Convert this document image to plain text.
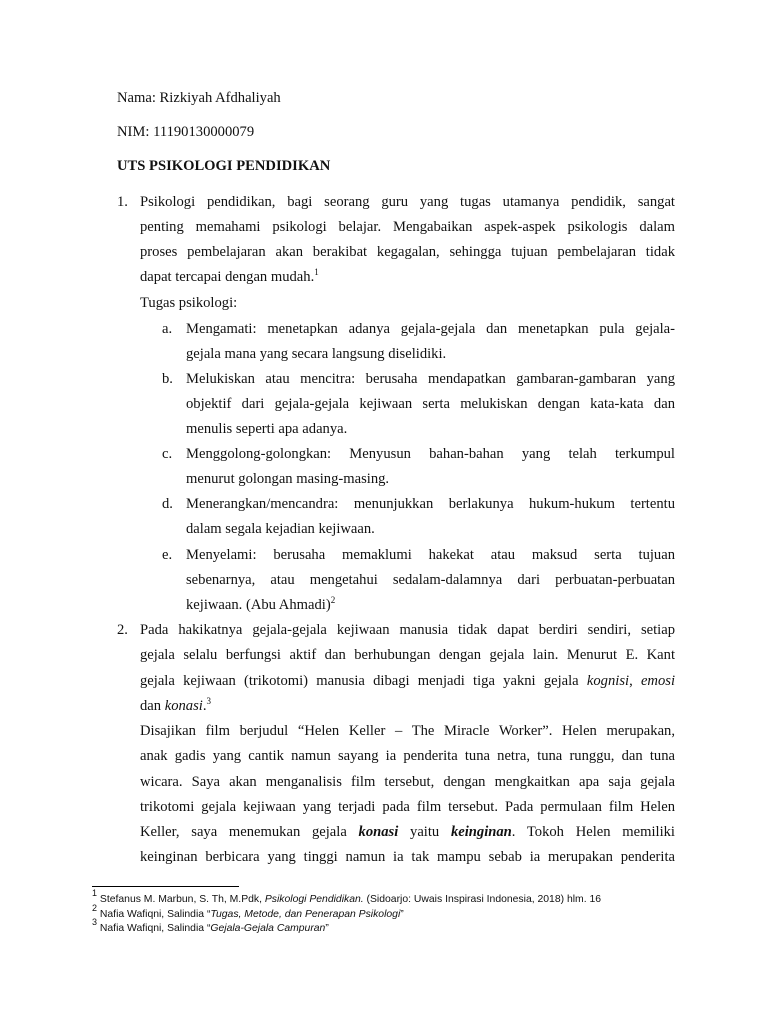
Nama: Rizkiyah Afdhaliyah
NIM: 11190130000079
UTS PSIKOLOGI PENDIDIKAN
1. Psikologi pendidikan, bagi seorang guru yang tugas utamanya pendidik, sangat
penting memahami psikologi belajar. Mengabaikan aspek-aspek psikologis dalam
proses pembelajaran akan berakibat kegagalan, sehingga tujuan pembelajaran tidak
dapat tercapai dengan mudah.$^1$
Tugas psikologi:
a. Mengamati: menetapkan adanya gejala-gejala dan menetapkan pula gejala-
gejala mana yang secara langsung diselidiki.
b. Melukiskan atau mencitra: berusaha mendapatkan gambaran-gambaran yang
objektif dari gejala-gejala kejiwaan serta melukiskan dengan kata-kata dan
menulis seperti apa adanya.
c. Menggolong-golongkan: Menyusun bahan-bahan yang telah terkumpul
menurut golongan masing-masing.
d. Menerangkan/mencandra: menunjukkan berlakunya hukum-hukum tertentu
dalam segala kejadian kejiwaan.
e. Menyelami: berusaha memaklumi hakekat atau maksud serta tujuan
sebenarnya, atau mengetahui sedalam-dalamnya dari perbuatan-perbuatan
kejiwaan. (Abu Ahmadi)$^2$
2. Pada hakikatnya gejala-gejala kejiwaan manusia tidak dapat berdiri sendiri, setiap
gejala selalu berfungsi aktif dan berhubungan dengan gejala lain. Menurut E. Kant
gejala kejiwaan (trikotomi) manusia dibagi menjadi tiga yakni gejala kognisi, emosi
dan konasi.$^3$
Disajikan film berjudul “Helen Keller – The Miracle Worker”. Helen merupakan,
anak gadis yang cantik namun sayang ia penderita tuna netra, tuna runggu, dan tuna
wicara. Saya akan menganalisis film tersebut, dengan mengkaitkan apa saja gejala
trikotomi gejala kejiwaan yang terjadi pada film tersebut. Pada permulaan film Helen
Keller, saya menemukan gejala konasi yaitu keinginan. Tokoh Helen memiliki
keinginan berbicara yang tinggi namun ia tak mampu sebab ia merupakan penderita
$^1$ Stefanus M. Marbun, S. Th, M.Pdk, Psikologi Pendidikan. (Sidoarjo: Uwais Inspirasi Indonesia, 2018) hlm. 16
$^2$ Nafia Wafiqni, Salindia “Tugas, Metode, dan Penerapan Psikologi”
$^3$ Nafia Wafiqni, Salindia “Gejala-Gejala Campuran”
